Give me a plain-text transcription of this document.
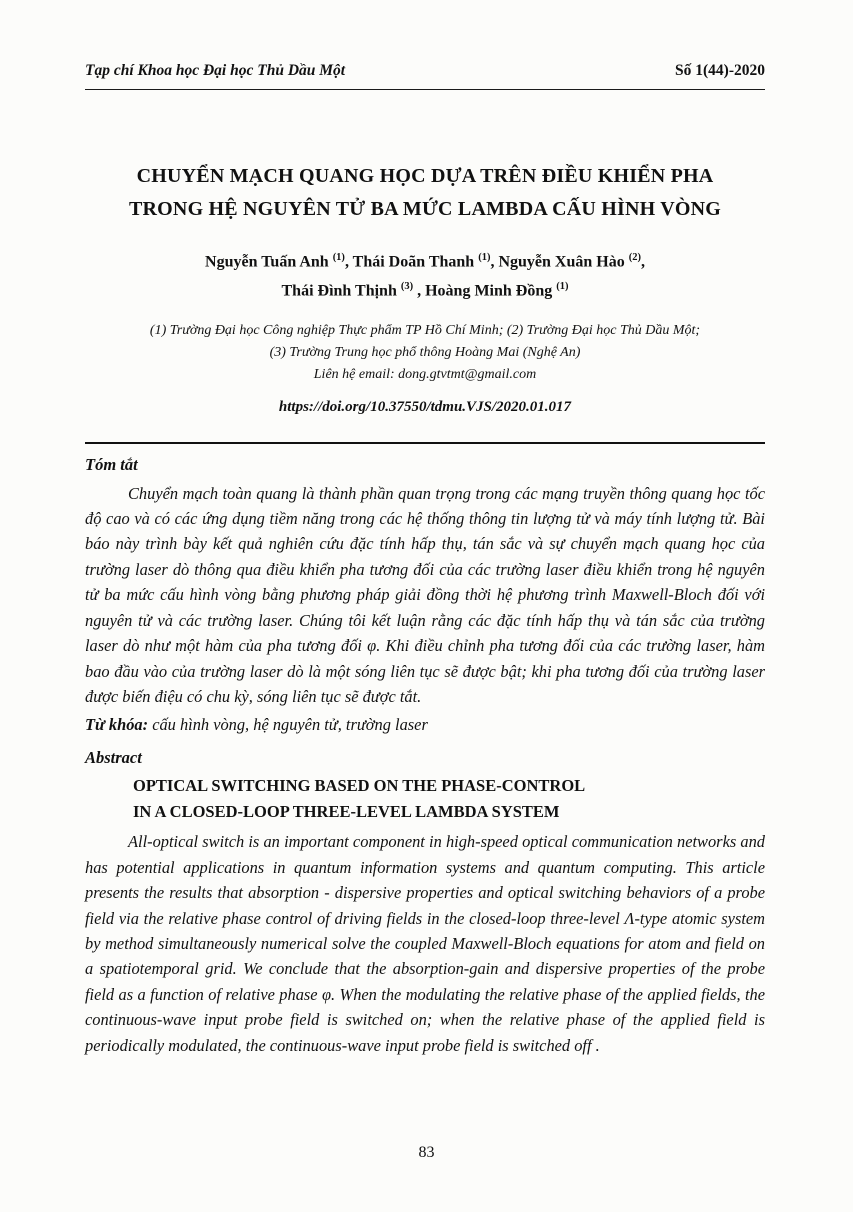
Tạp chí Khoa học Đại học Thủ Dầu Một	Số 1(44)-2020
CHUYỂN MẠCH QUANG HỌC DỰA TRÊN ĐIỀU KHIỂN PHA
TRONG HỆ NGUYÊN TỬ BA MỨC LAMBDA CẤU HÌNH VÒNG
Nguyễn Tuấn Anh $^{(1)}$, Thái Doãn Thanh $^{(1)}$, Nguyễn Xuân Hào $^{(2)}$,
Thái Đình Thịnh $^{(3)}$ , Hoàng Minh Đồng $^{(1)}$
(1) Trường Đại học Công nghiệp Thực phẩm TP Hồ Chí Minh; (2) Trường Đại học Thủ Dầu Một;
(3) Trường Trung học phổ thông Hoàng Mai (Nghệ An)
Liên hệ email: dong.gtvtmt@gmail.com
https://doi.org/10.37550/tdmu.VJS/2020.01.017
Tóm tắt

Chuyển mạch toàn quang là thành phần quan trọng trong các mạng truyền thông quang học tốc độ cao và có các ứng dụng tiềm năng trong các hệ thống thông tin lượng tử và máy tính lượng tử. Bài báo này trình bày kết quả nghiên cứu đặc tính hấp thụ, tán sắc và sự chuyển mạch quang học của trường laser dò thông qua điều khiển pha tương đối của các trường laser điều khiển trong hệ nguyên tử ba mức cấu hình vòng bằng phương pháp giải đồng thời hệ phương trình Maxwell-Bloch đối với nguyên tử và các trường laser. Chúng tôi kết luận rằng các đặc tính hấp thụ và tán sắc của trường laser dò như một hàm của pha tương đối φ. Khi điều chỉnh pha tương đối của các trường laser, hàm bao đầu vào của trường laser dò là một sóng liên tục sẽ được bật; khi pha tương đối của trường laser được biến điệu có chu kỳ, sóng liên tục sẽ được tắt.

Từ khóa: cấu hình vòng, hệ nguyên tử, trường laser
Abstract
OPTICAL SWITCHING BASED ON THE PHASE-CONTROL
IN A CLOSED-LOOP THREE-LEVEL LAMBDA SYSTEM

All-optical switch is an important component in high-speed optical communication networks and has potential applications in quantum information systems and quantum computing. This article presents the results that absorption - dispersive properties and optical switching behaviors of a probe field via the relative phase control of driving fields in the closed-loop three-level Λ-type atomic system by method simultaneously numerical solve the coupled Maxwell-Bloch equations for atom and field on a spatiotemporal grid. We conclude that the absorption-gain and dispersive properties of the probe field as a function of relative phase φ. When the modulating the relative phase of the applied fields, the continuous-wave input probe field is switched on; when the relative phase of the applied field is periodically modulated, the continuous-wave input probe field is switched off .

83
